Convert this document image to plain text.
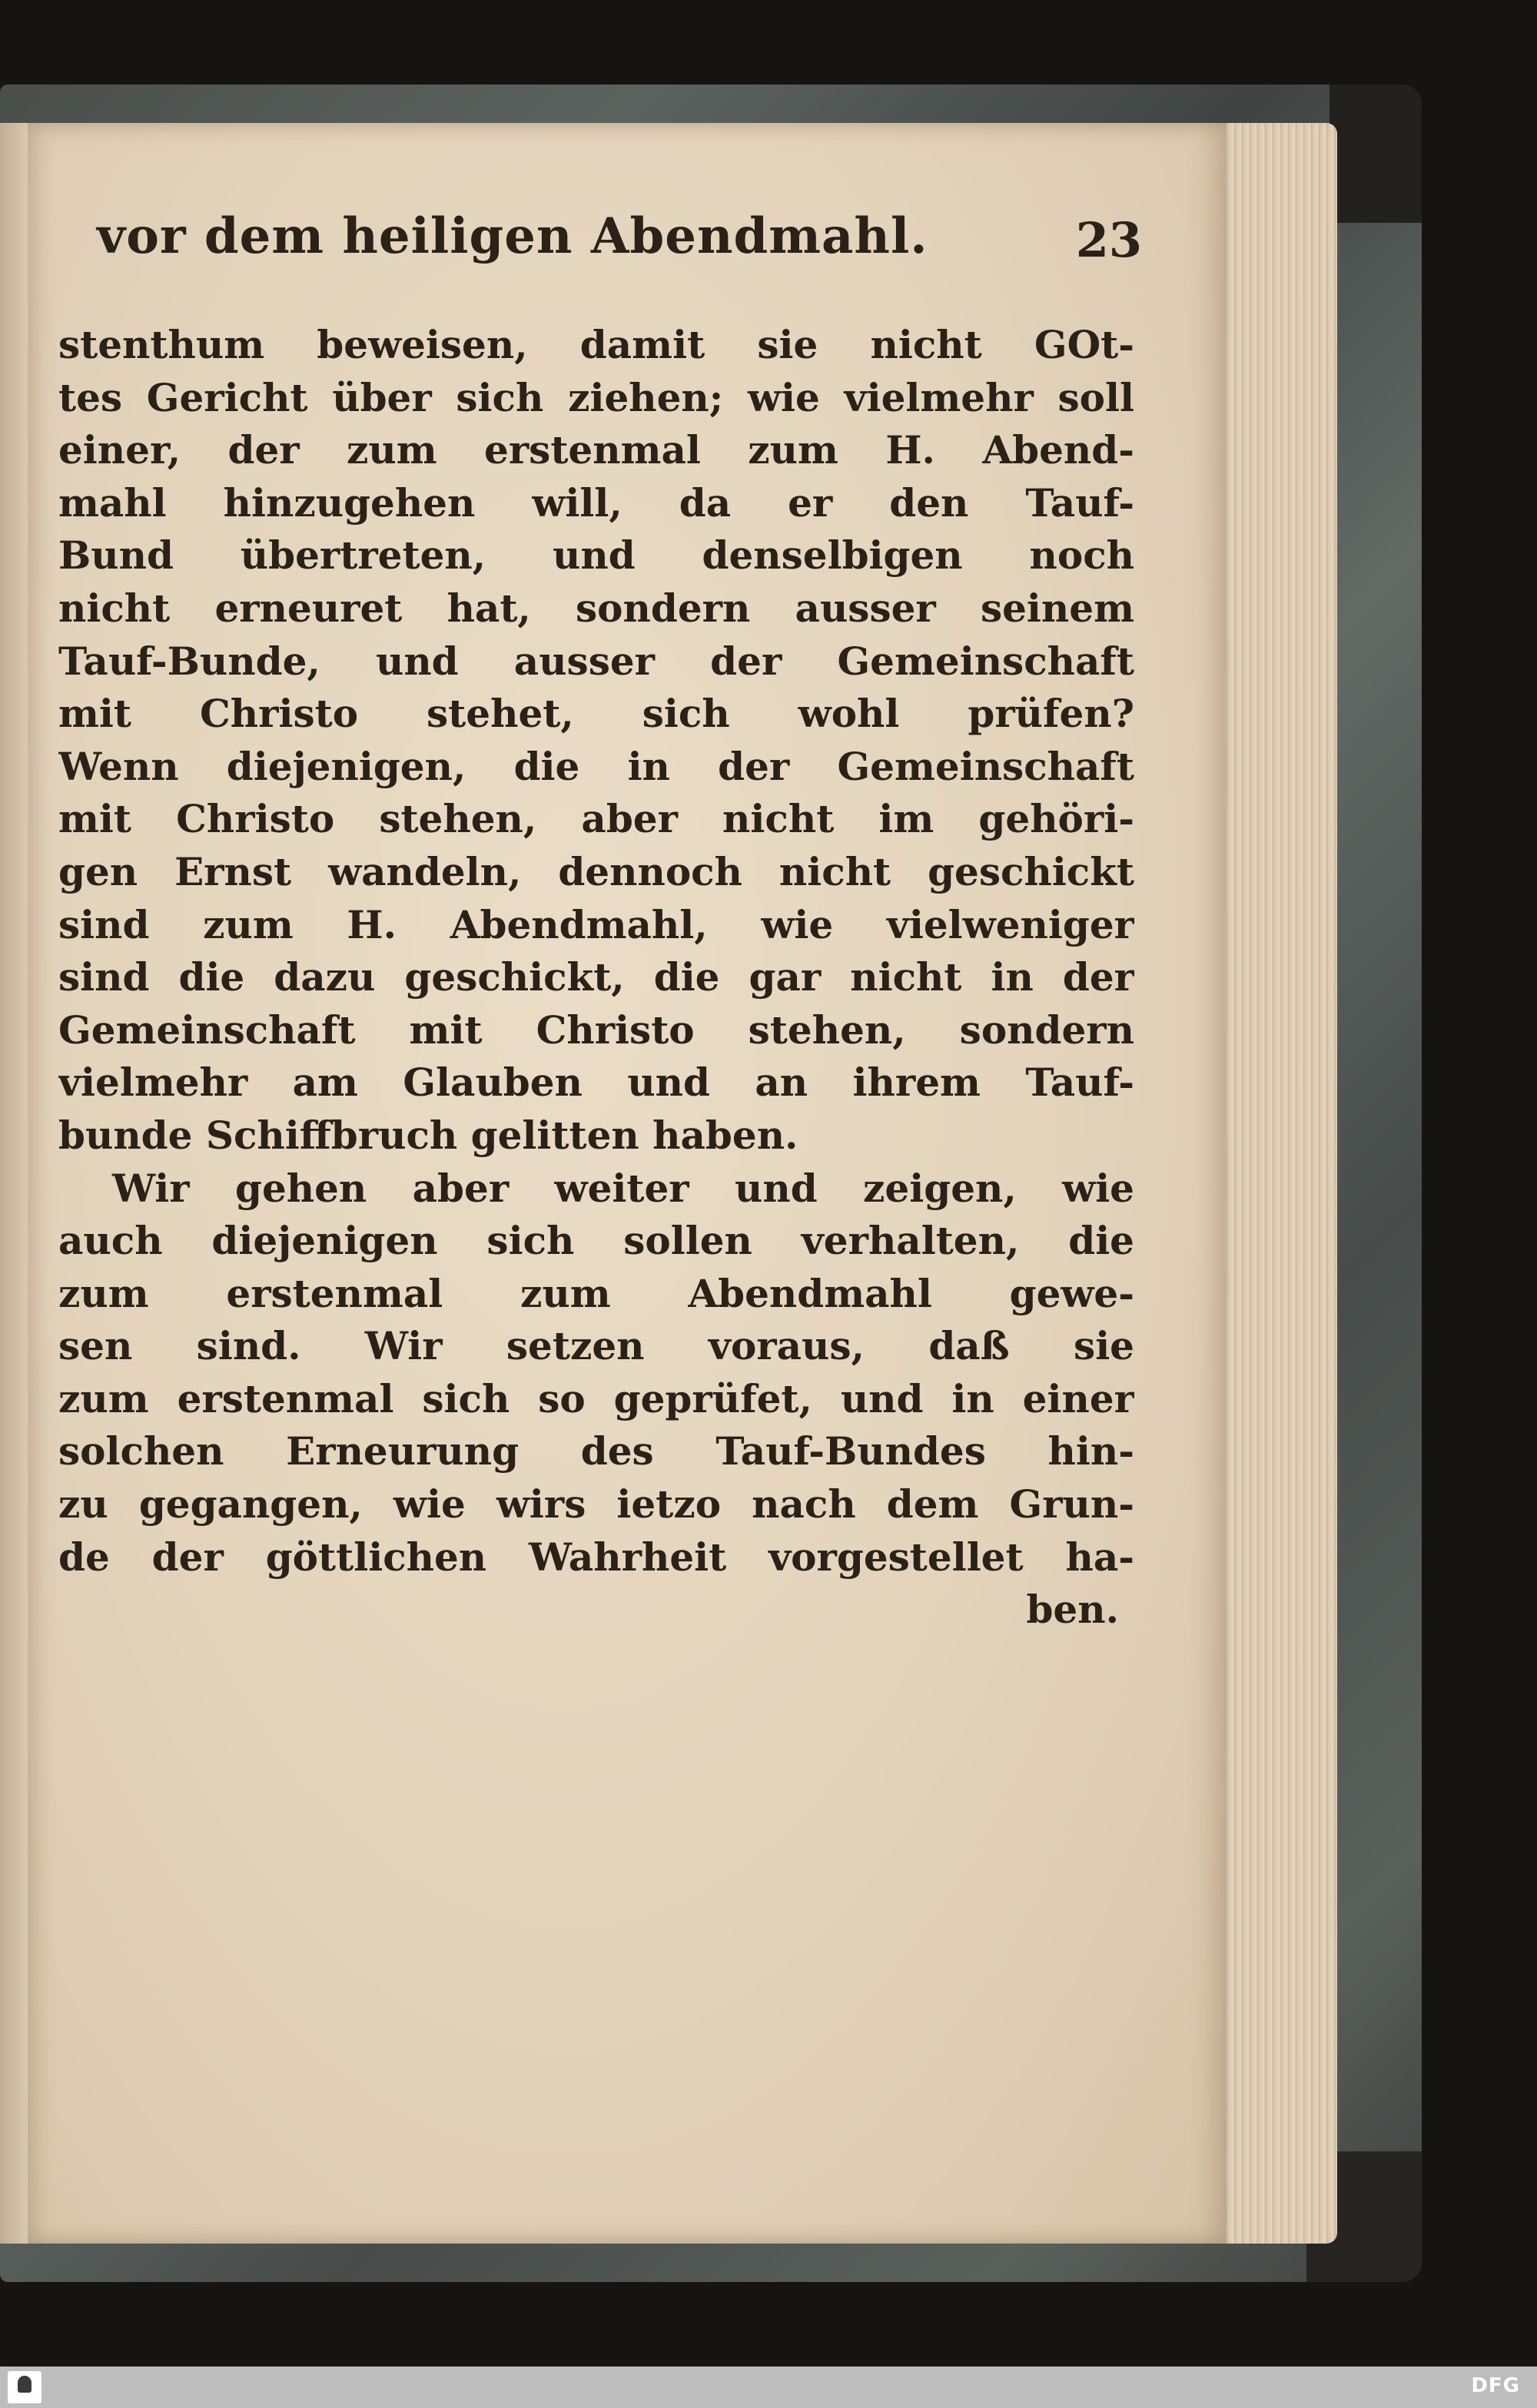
vor dem heiligen Abendmahl.	23
stenthum beweisen, damit sie nicht GOt-
tes Gericht über sich ziehen; wie vielmehr soll
einer, der zum erstenmal zum H. Abend-
mahl hinzugehen will, da er den Tauf-
Bund übertreten, und denselbigen noch
nicht erneuret hat, sondern ausser seinem
Tauf-Bunde, und ausser der Gemeinschaft
mit Christo stehet, sich wohl prüfen?
Wenn diejenigen, die in der Gemeinschaft
mit Christo stehen, aber nicht im gehöri-
gen Ernst wandeln, dennoch nicht geschickt
sind zum H. Abendmahl, wie vielweniger
sind die dazu geschickt, die gar nicht in der
Gemeinschaft mit Christo stehen, sondern
vielmehr am Glauben und an ihrem Tauf-
bunde Schiffbruch gelitten haben.
Wir gehen aber weiter und zeigen, wie
auch diejenigen sich sollen verhalten, die
zum erstenmal zum Abendmahl gewe-
sen sind. Wir setzen voraus, daß sie
zum erstenmal sich so geprüfet, und in einer
solchen Erneurung des Tauf-Bundes hin-
zu gegangen, wie wirs ietzo nach dem Grun-
de der göttlichen Wahrheit vorgestellet ha-
ben.
DFG
